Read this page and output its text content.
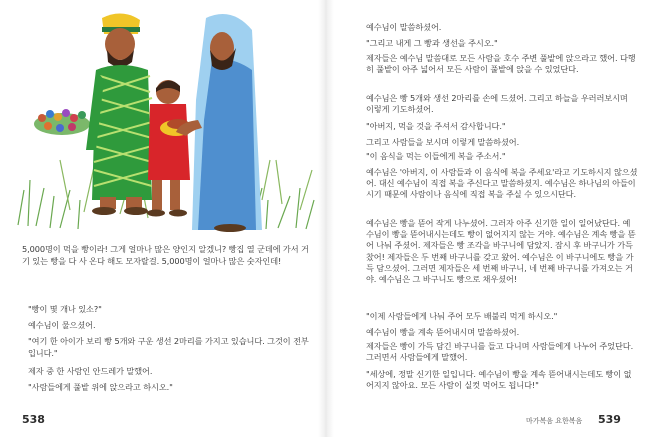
5,000명이 먹을 빵이라! 그게 얼마나 많은 양인지 알겠니? 빵집 열 군데에 가서 거기 있는 빵을 다 사 온다 해도 모자랄걸. 5,000명이 얼마나 많은 숫자인데!

"빵이 몇 개나 있소?"

예수님이 물으셨어.

"여기 한 아이가 보리 빵 5개와 구운 생선 2마리를 가지고 있습니다. 그것이 전부입니다."

제자 중 한 사람인 안드레가 말했어.

"사람들에게 풀밭 위에 앉으라고 하시오."

538

예수님이 말씀하셨어.

"그리고 내게 그 빵과 생선을 주시오."

제자들은 예수님 말씀대로 모든 사람을 호수 주변 풀밭에 앉으라고 했어. 다행히 풀밭이 아주 넓어서 모든 사람이 풀밭에 앉을 수 있었단다.

예수님은 빵 5개와 생선 2마리를 손에 드셨어. 그리고 하늘을 우러러보시며 이렇게 기도하셨어.

"아버지, 먹을 것을 주셔서 감사합니다."

그리고 사람들을 보시며 이렇게 말씀하셨어.

"이 음식을 먹는 이들에게 복을 주소서."

예수님은 '아버지, 이 사람들과 이 음식에 복을 주세요'라고 기도하시지 않으셨어. 대신 예수님이 직접 복을 주신다고 말씀하셨지. 예수님은 하나님의 아들이시기 때문에 사람이나 음식에 직접 복을 주실 수 있으시단다.

예수님은 빵을 뜯어 작게 나누셨어. 그러자 아주 신기한 일이 일어났단다. 예수님이 빵을 뜯어내시는데도 빵이 없어지지 않는 거야. 예수님은 계속 빵을 뜯어 나눠 주셨어. 제자들은 빵 조각을 바구니에 담았지. 잠시 후 바구니가 가득 찼어! 제자들은 두 번째 바구니를 갖고 왔어. 예수님은 이 바구니에도 빵을 가득 담으셨어. 그러면 제자들은 세 번째 바구니, 네 번째 바구니를 가져오는 거야. 예수님은 그 바구니도 빵으로 채우셨어!

"이제 사람들에게 나눠 주어 모두 배불리 먹게 하시오."

예수님이 빵을 계속 뜯어내시며 말씀하셨어.

제자들은 빵이 가득 담긴 바구니를 들고 다니며 사람들에게 나누어 주었단다. 그러면서 사람들에게 말했어.

"세상에, 정말 신기한 일입니다. 예수님이 빵을 계속 뜯어내시는데도 빵이 없어지지 않아요. 모든 사람이 실컷 먹어도 됩니다!"

마가복음 요한복음 539
